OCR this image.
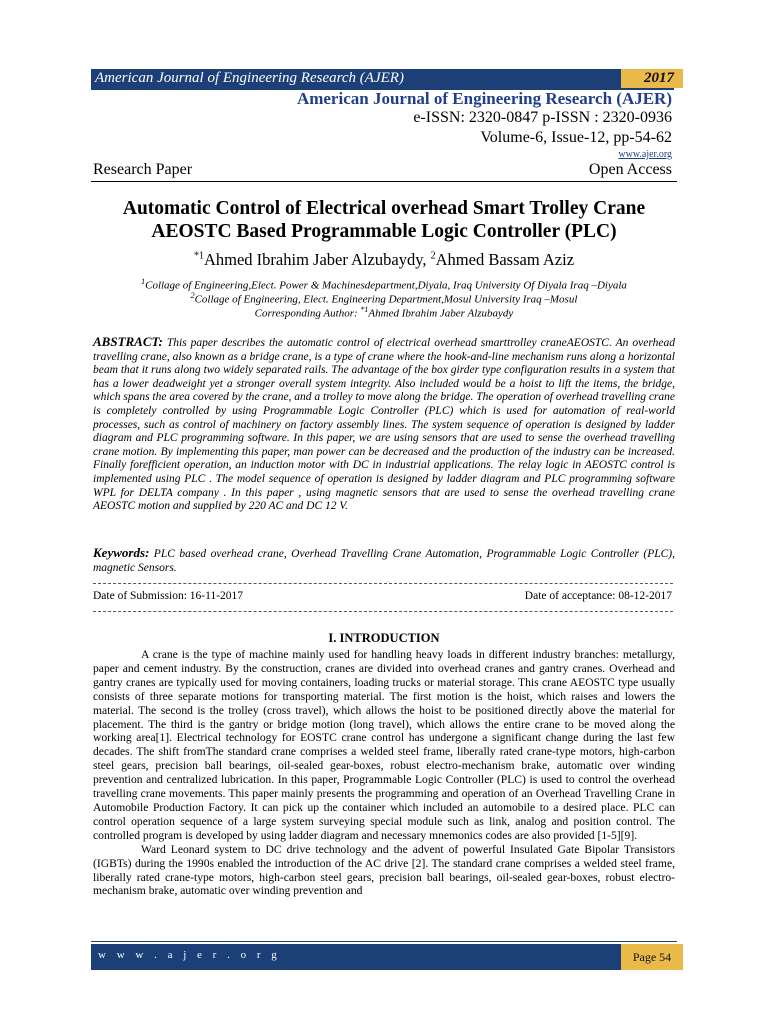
American Journal of Engineering Research (AJER)	2017
American Journal of Engineering Research (AJER)
e-ISSN: 2320-0847 p-ISSN : 2320-0936
Volume-6, Issue-12, pp-54-62
www.ajer.org
Research Paper	Open Access
Automatic Control of Electrical overhead Smart Trolley Crane
AEOSTC Based Programmable Logic Controller (PLC)
$^{*1}$Ahmed Ibrahim Jaber Alzubaydy, $^2$Ahmed Bassam Aziz
$^1$Collage of Engineering,Elect. Power & Machinesdepartment,Diyala, Iraq University Of Diyala Iraq –Diyala
$^2$Collage of Engineering, Elect. Engineering Department,Mosul University Iraq –Mosul
Corresponding Author: $^{*1}$Ahmed Ibrahim Jaber Alzubaydy
ABSTRACT: This paper describes the automatic control of electrical overhead smarttrolley craneAEOSTC. An overhead travelling crane, also known as a bridge crane, is a type of crane where the hook-and-line mechanism runs along a horizontal beam that it runs along two widely separated rails. The advantage of the box girder type configuration results in a system that has a lower deadweight yet a stronger overall system integrity. Also included would be a hoist to lift the items, the bridge, which spans the area covered by the crane, and a trolley to move along the bridge. The operation of overhead travelling crane is completely controlled by using Programmable Logic Controller (PLC) which is used for automation of real-world processes, such as control of machinery on factory assembly lines. The system sequence of operation is designed by ladder diagram and PLC programming software. In this paper, we are using sensors that are used to sense the overhead travelling crane motion. By implementing this paper, man power can be decreased and the production of the industry can be increased. Finally forefficient operation, an induction motor with DC in industrial applications. The relay logic in AEOSTC control is implemented using PLC . The model sequence of operation is designed by ladder diagram and PLC programming software WPL for DELTA company . In this paper , using magnetic sensors that are used to sense the overhead travelling crane AEOSTC motion and supplied by 220 AC and DC 12 V.
Keywords: PLC based overhead crane, Overhead Travelling Crane Automation, Programmable Logic Controller (PLC), magnetic Sensors.
Date of Submission: 16-11-2017	Date of acceptance: 08-12-2017
I. INTRODUCTION

A crane is the type of machine mainly used for handling heavy loads in different industry branches: metallurgy, paper and cement industry. By the construction, cranes are divided into overhead cranes and gantry cranes. Overhead and gantry cranes are typically used for moving containers, loading trucks or material storage. This crane AEOSTC type usually consists of three separate motions for transporting material. The first motion is the hoist, which raises and lowers the material. The second is the trolley (cross travel), which allows the hoist to be positioned directly above the material for placement. The third is the gantry or bridge motion (long travel), which allows the entire crane to be moved along the working area[1]. Electrical technology for EOSTC crane control has undergone a significant change during the last few decades. The shift fromThe standard crane comprises a welded steel frame, liberally rated crane-type motors, high-carbon steel gears, precision ball bearings, oil-sealed gear-boxes, robust electro-mechanism brake, automatic over winding prevention and centralized lubrication. In this paper, Programmable Logic Controller (PLC) is used to control the overhead travelling crane movements. This paper mainly presents the programming and operation of an Overhead Travelling Crane in Automobile Production Factory. It can pick up the container which included an automobile to a desired place. PLC can control operation sequence of a large system surveying special module such as link, analog and position control. The controlled program is developed by using ladder diagram and necessary mnemonics codes are also provided [1-5][9].

Ward Leonard system to DC drive technology and the advent of powerful Insulated Gate Bipolar Transistors (IGBTs) during the 1990s enabled the introduction of the AC drive [2]. The standard crane comprises a welded steel frame, liberally rated crane-type motors, high-carbon steel gears, precision ball bearings, oil-sealed gear-boxes, robust electro-mechanism brake, automatic over winding prevention and

w w w . a j e r . o r g	Page 54
